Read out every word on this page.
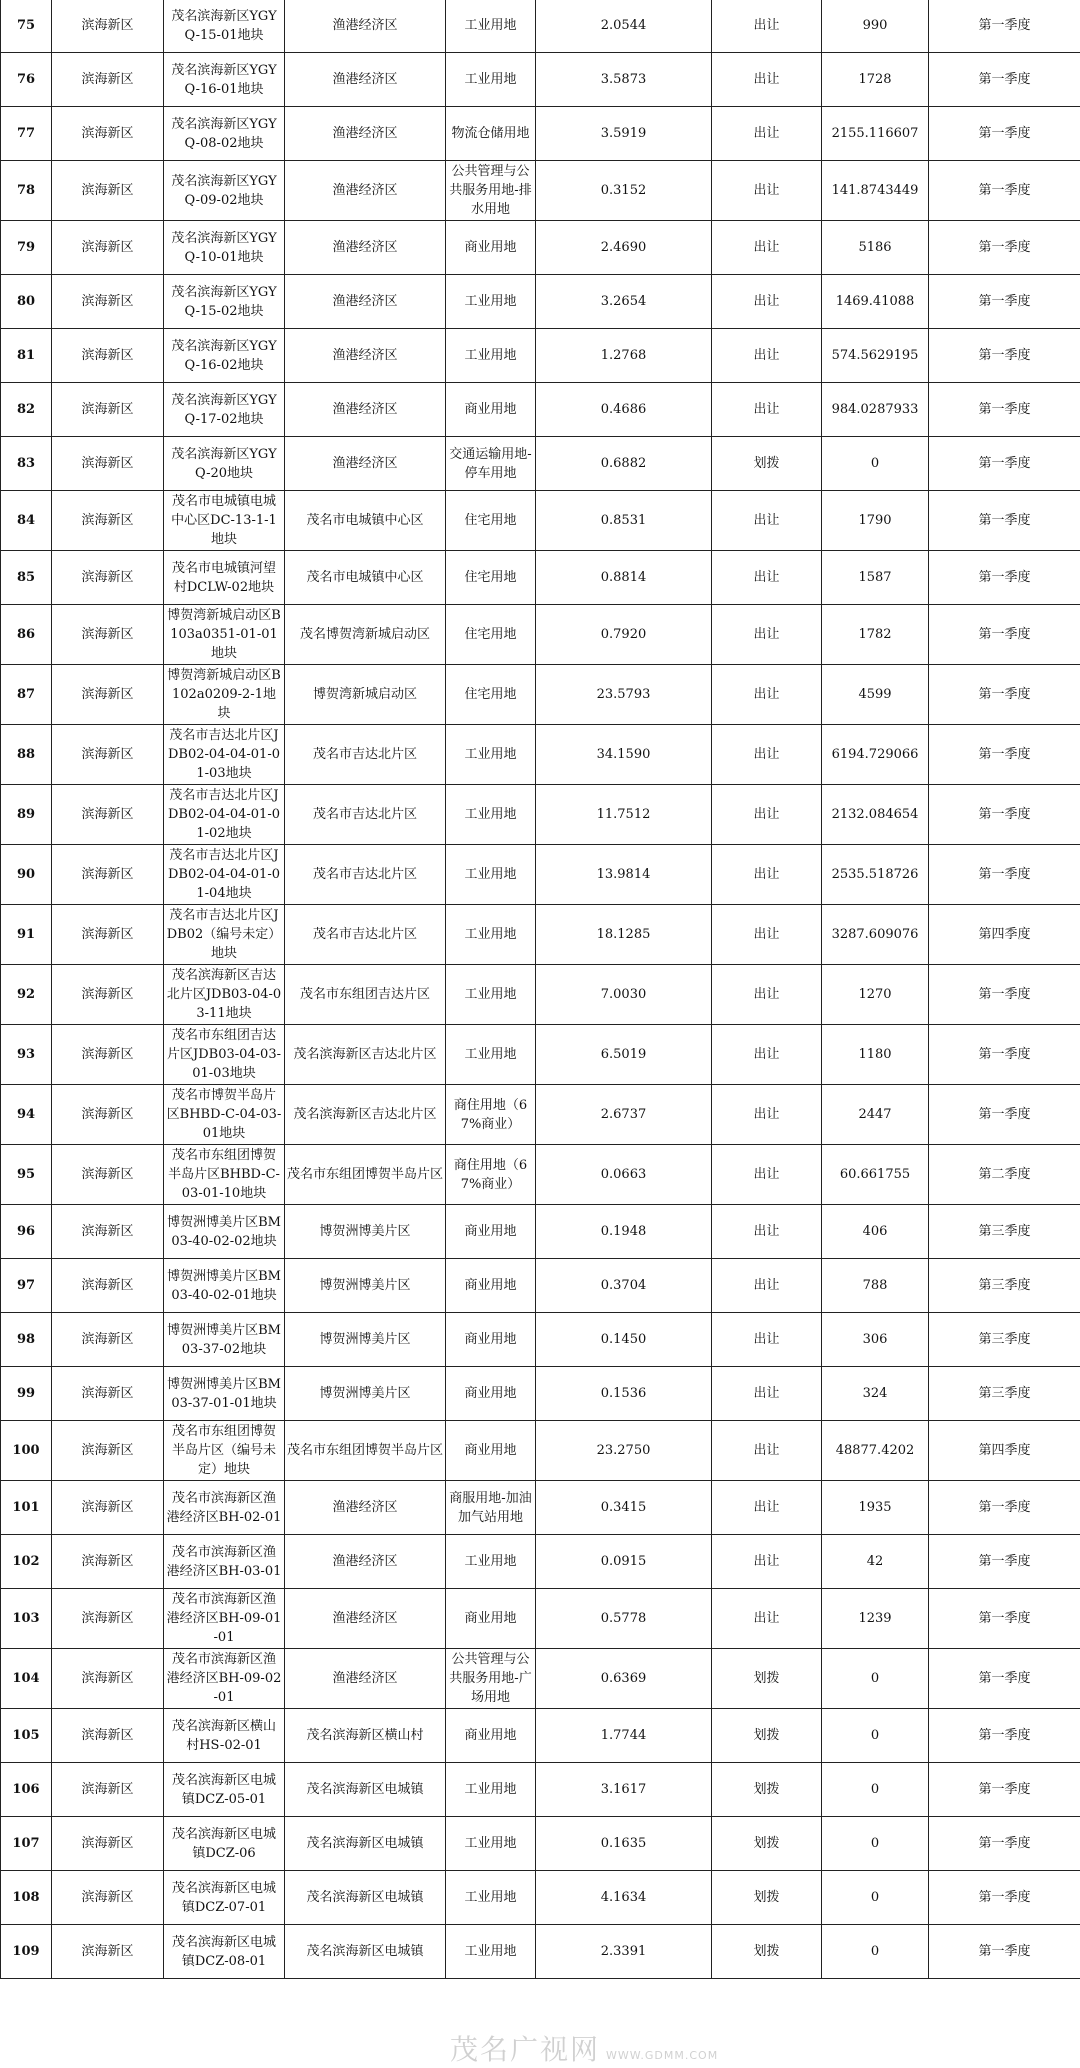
75	滨海新区	茂名滨海新区YGYQ-15-01地块	渔港经济区	工业用地	2.0544	出让	990	第一季度
76	滨海新区	茂名滨海新区YGYQ-16-01地块	渔港经济区	工业用地	3.5873	出让	1728	第一季度
77	滨海新区	茂名滨海新区YGYQ-08-02地块	渔港经济区	物流仓储用地	3.5919	出让	2155.116607	第一季度
78	滨海新区	茂名滨海新区YGYQ-09-02地块	渔港经济区	公共管理与公共服务用地-排水用地	0.3152	出让	141.8743449	第一季度
79	滨海新区	茂名滨海新区YGYQ-10-01地块	渔港经济区	商业用地	2.4690	出让	5186	第一季度
80	滨海新区	茂名滨海新区YGYQ-15-02地块	渔港经济区	工业用地	3.2654	出让	1469.41088	第一季度
81	滨海新区	茂名滨海新区YGYQ-16-02地块	渔港经济区	工业用地	1.2768	出让	574.5629195	第一季度
82	滨海新区	茂名滨海新区YGYQ-17-02地块	渔港经济区	商业用地	0.4686	出让	984.0287933	第一季度
83	滨海新区	茂名滨海新区YGYQ-20地块	渔港经济区	交通运输用地-停车用地	0.6882	划拨	0	第一季度
84	滨海新区	茂名市电城镇电城中心区DC-13-1-1地块	茂名市电城镇中心区	住宅用地	0.8531	出让	1790	第一季度
85	滨海新区	茂名市电城镇河望村DCLW-02地块	茂名市电城镇中心区	住宅用地	0.8814	出让	1587	第一季度
86	滨海新区	博贺湾新城启动区B103a0351-01-01地块	茂名博贺湾新城启动区	住宅用地	0.7920	出让	1782	第一季度
87	滨海新区	博贺湾新城启动区B102a0209-2-1地块	博贺湾新城启动区	住宅用地	23.5793	出让	4599	第一季度
88	滨海新区	茂名市吉达北片区JDB02-04-04-01-01-03地块	茂名市吉达北片区	工业用地	34.1590	出让	6194.729066	第一季度
89	滨海新区	茂名市吉达北片区JDB02-04-04-01-01-02地块	茂名市吉达北片区	工业用地	11.7512	出让	2132.084654	第一季度
90	滨海新区	茂名市吉达北片区JDB02-04-04-01-01-04地块	茂名市吉达北片区	工业用地	13.9814	出让	2535.518726	第一季度
91	滨海新区	茂名市吉达北片区JDB02（编号未定）地块	茂名市吉达北片区	工业用地	18.1285	出让	3287.609076	第四季度
92	滨海新区	茂名滨海新区吉达北片区JDB03-04-03-11地块	茂名市东组团吉达片区	工业用地	7.0030	出让	1270	第一季度
93	滨海新区	茂名市东组团吉达片区JDB03-04-03-01-03地块	茂名滨海新区吉达北片区	工业用地	6.5019	出让	1180	第一季度
94	滨海新区	茂名市博贺半岛片区BHBD-C-04-03-01地块	茂名滨海新区吉达北片区	商住用地（67%商业）	2.6737	出让	2447	第一季度
95	滨海新区	茂名市东组团博贺半岛片区BHBD-C-03-01-10地块	茂名市东组团博贺半岛片区	商住用地（67%商业）	0.0663	出让	60.661755	第二季度
96	滨海新区	博贺洲博美片区BM03-40-02-02地块	博贺洲博美片区	商业用地	0.1948	出让	406	第三季度
97	滨海新区	博贺洲博美片区BM03-40-02-01地块	博贺洲博美片区	商业用地	0.3704	出让	788	第三季度
98	滨海新区	博贺洲博美片区BM03-37-02地块	博贺洲博美片区	商业用地	0.1450	出让	306	第三季度
99	滨海新区	博贺洲博美片区BM03-37-01-01地块	博贺洲博美片区	商业用地	0.1536	出让	324	第三季度
100	滨海新区	茂名市东组团博贺半岛片区（编号未定）地块	茂名市东组团博贺半岛片区	商业用地	23.2750	出让	48877.4202	第四季度
101	滨海新区	茂名市滨海新区渔港经济区BH-02-01	渔港经济区	商服用地-加油加气站用地	0.3415	出让	1935	第一季度
102	滨海新区	茂名市滨海新区渔港经济区BH-03-01	渔港经济区	工业用地	0.0915	出让	42	第一季度
103	滨海新区	茂名市滨海新区渔港经济区BH-09-01-01	渔港经济区	商业用地	0.5778	出让	1239	第一季度
104	滨海新区	茂名市滨海新区渔港经济区BH-09-02-01	渔港经济区	公共管理与公共服务用地-广场用地	0.6369	划拨	0	第一季度
105	滨海新区	茂名滨海新区横山村HS-02-01	茂名滨海新区横山村	商业用地	1.7744	划拨	0	第一季度
106	滨海新区	茂名滨海新区电城镇DCZ-05-01	茂名滨海新区电城镇	工业用地	3.1617	划拨	0	第一季度
107	滨海新区	茂名滨海新区电城镇DCZ-06	茂名滨海新区电城镇	工业用地	0.1635	划拨	0	第一季度
108	滨海新区	茂名滨海新区电城镇DCZ-07-01	茂名滨海新区电城镇	工业用地	4.1634	划拨	0	第一季度
109	滨海新区	茂名滨海新区电城镇DCZ-08-01	茂名滨海新区电城镇	工业用地	2.3391	划拨	0	第一季度
茂名广视网 WWW.GDMM.COM
